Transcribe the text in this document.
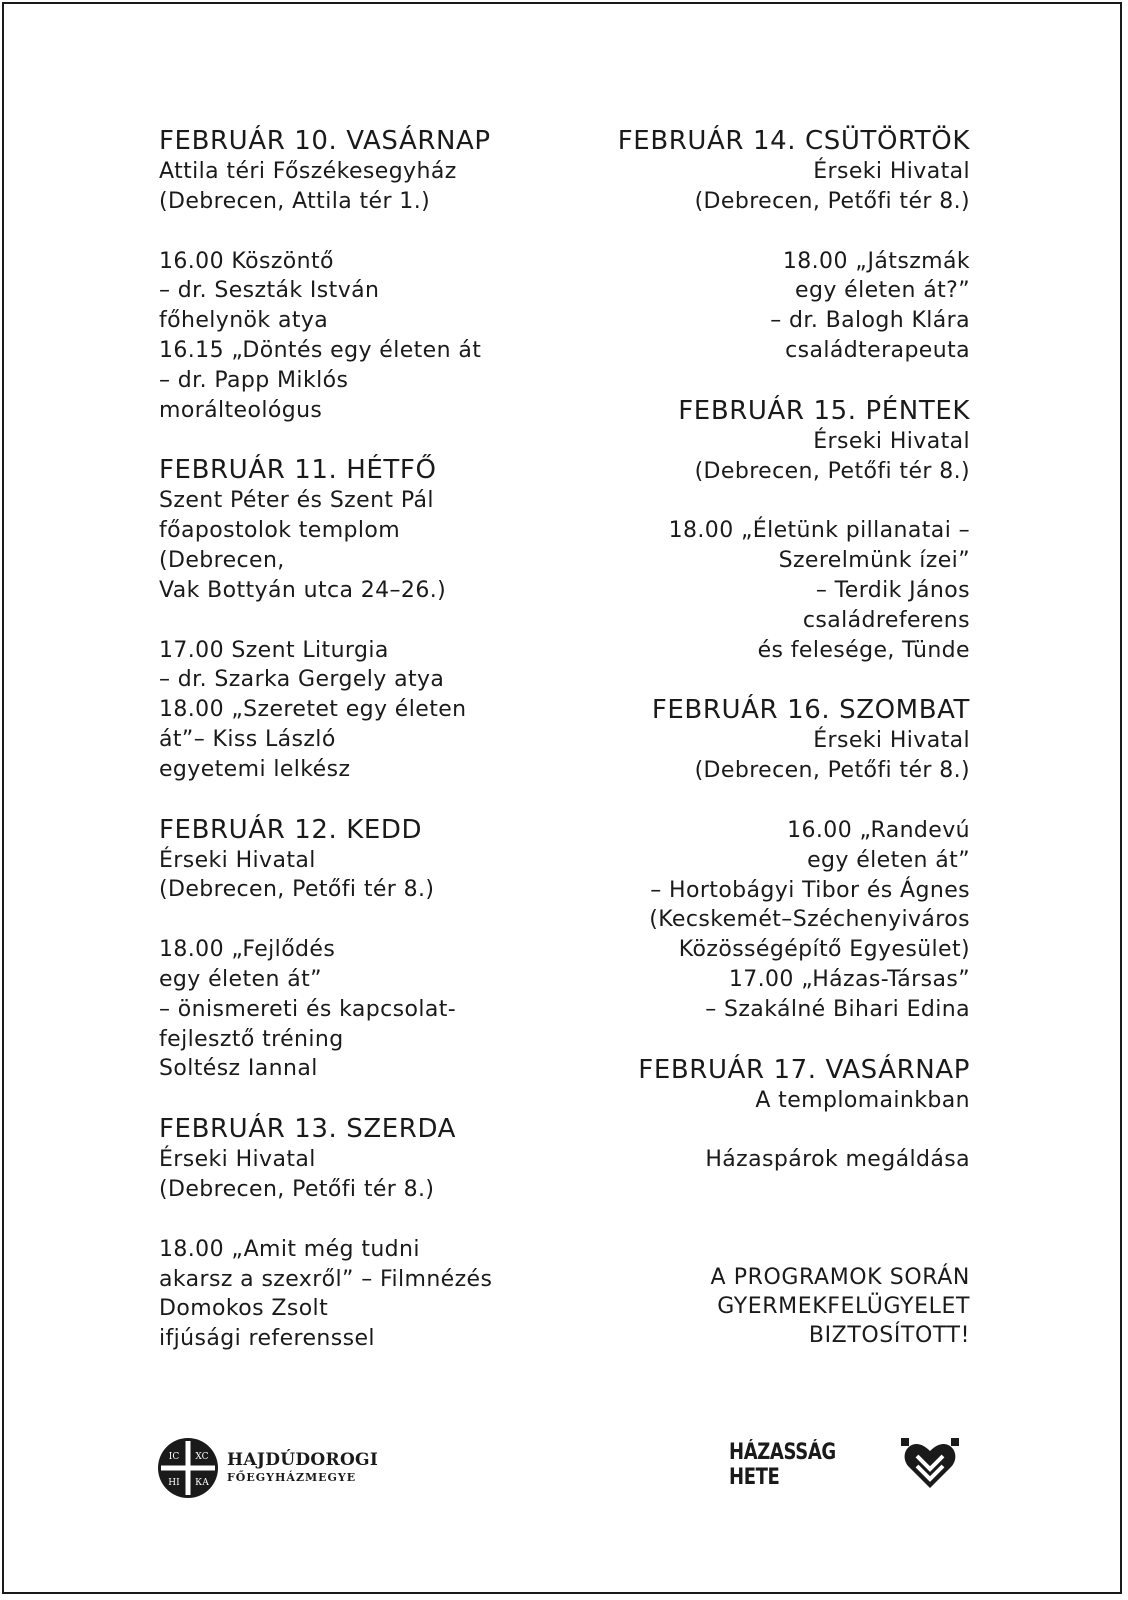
FEBRUÁR 10. VASÁRNAP
Attila téri Főszékesegyház
(Debrecen, Attila tér 1.)
16.00 Köszöntő
– dr. Seszták István
főhelynök atya
16.15 „Döntés egy életen át
– dr. Papp Miklós
morálteológus
FEBRUÁR 11. HÉTFŐ
Szent Péter és Szent Pál
főapostolok templom
(Debrecen,
Vak Bottyán utca 24–26.)
17.00 Szent Liturgia
– dr. Szarka Gergely atya
18.00 „Szeretet egy életen
át”– Kiss László
egyetemi lelkész
FEBRUÁR 12. KEDD
Érseki Hivatal
(Debrecen, Petőfi tér 8.)
18.00 „Fejlődés
egy életen át”
– önismereti és kapcsolat-
fejlesztő tréning
Soltész Iannal
FEBRUÁR 13. SZERDA
Érseki Hivatal
(Debrecen, Petőfi tér 8.)
18.00 „Amit még tudni
akarsz a szexről” – Filmnézés
Domokos Zsolt
ifjúsági referenssel
FEBRUÁR 14. CSÜTÖRTÖK
Érseki Hivatal
(Debrecen, Petőfi tér 8.)
18.00 „Játszmák
egy életen át?”
– dr. Balogh Klára
családterapeuta
FEBRUÁR 15. PÉNTEK
Érseki Hivatal
(Debrecen, Petőfi tér 8.)
18.00 „Életünk pillanatai –
Szerelmünk ízei”
– Terdik János
családreferens
és felesége, Tünde
FEBRUÁR 16. SZOMBAT
Érseki Hivatal
(Debrecen, Petőfi tér 8.)
16.00 „Randevú
egy életen át”
– Hortobágyi Tibor és Ágnes
(Kecskemét–Széchenyiváros
Közösségépítő Egyesület)
17.00 „Házas-Társas”
– Szakálné Bihari Edina
FEBRUÁR 17. VASÁRNAP
A templomainkban
Házaspárok megáldása
A PROGRAMOK SORÁN
GYERMEKFELÜGYELET
BIZTOSÍTOTT!
IC XC
НІ КА
HAJDÚDOROGI
FŐEGYHÁZMEGYE
HÁZASSÁG HETE
